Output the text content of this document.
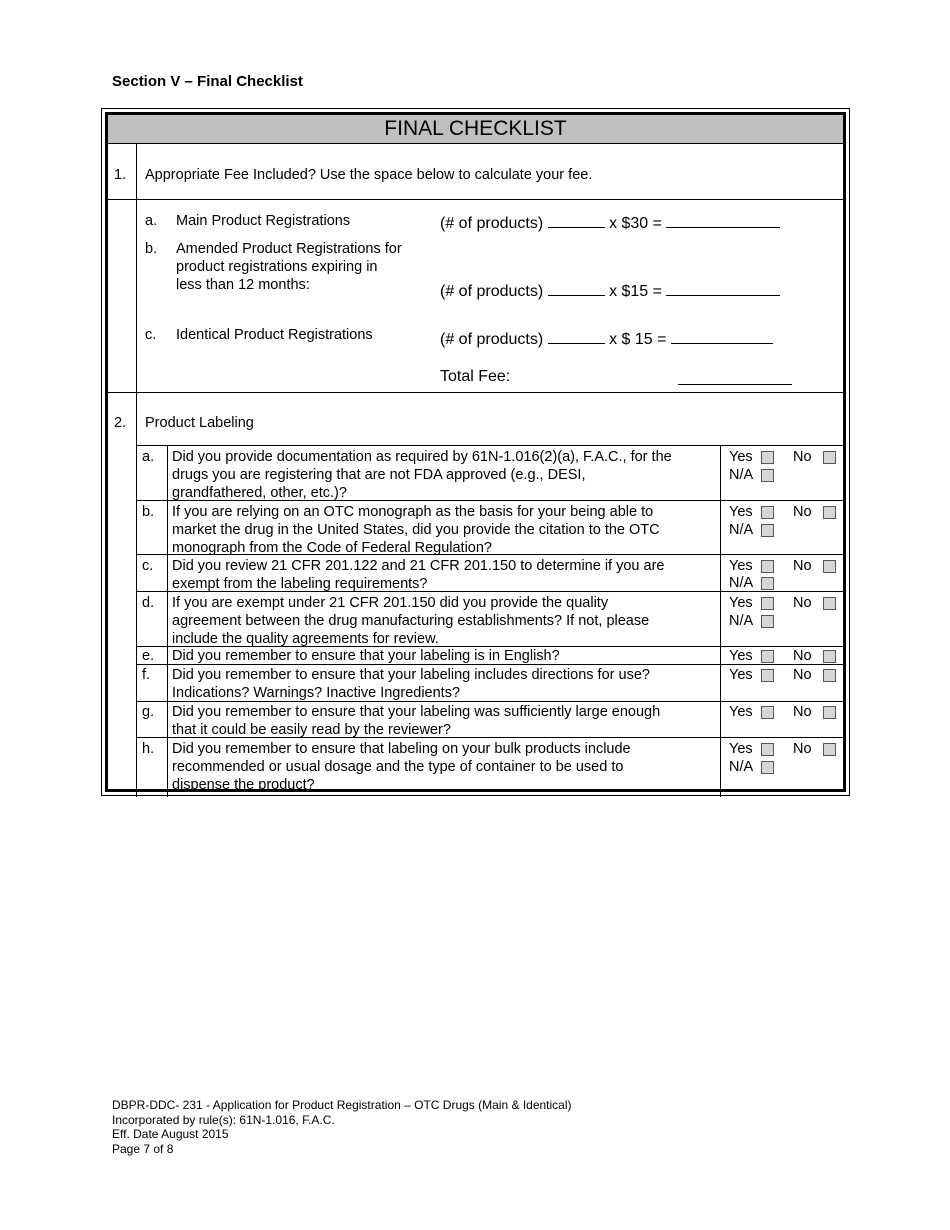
Section V – Final Checklist
FINAL CHECKLIST
1. Appropriate Fee Included? Use the space below to calculate your fee.
a. Main Product Registrations	(# of products)	x $30 =
b. Amended Product Registrations for
product registrations expiring in
less than 12 months:	(# of products)	x $15 =
c. Identical Product Registrations	(# of products)	x $ 15 =
Total Fee:
2. Product Labeling
a. Did you provide documentation as required by 61N-1.016(2)(a), F.A.C., for the
drugs you are registering that are not FDA approved (e.g., DESI,
grandfathered, other, etc.)?
Yes	No
N/A
b. If you are relying on an OTC monograph as the basis for your being able to
market the drug in the United States, did you provide the citation to the OTC
monograph from the Code of Federal Regulation?
Yes	No
N/A
c. Did you review 21 CFR 201.122 and 21 CFR 201.150 to determine if you are
exempt from the labeling requirements?
Yes	No
N/A
d. If you are exempt under 21 CFR 201.150 did you provide the quality
agreement between the drug manufacturing establishments? If not, please
include the quality agreements for review.
Yes	No
N/A
e. Did you remember to ensure that your labeling is in English?	Yes	No
f. Did you remember to ensure that your labeling includes directions for use?
Indications? Warnings? Inactive Ingredients?
Yes	No
g. Did you remember to ensure that your labeling was sufficiently large enough
that it could be easily read by the reviewer?
Yes	No
h. Did you remember to ensure that labeling on your bulk products include
recommended or usual dosage and the type of container to be used to
dispense the product?
Yes	No
N/A
DBPR-DDC- 231 - Application for Product Registration – OTC Drugs (Main & Identical)
Incorporated by rule(s): 61N-1.016, F.A.C.
Eff. Date August 2015
Page 7 of 8
